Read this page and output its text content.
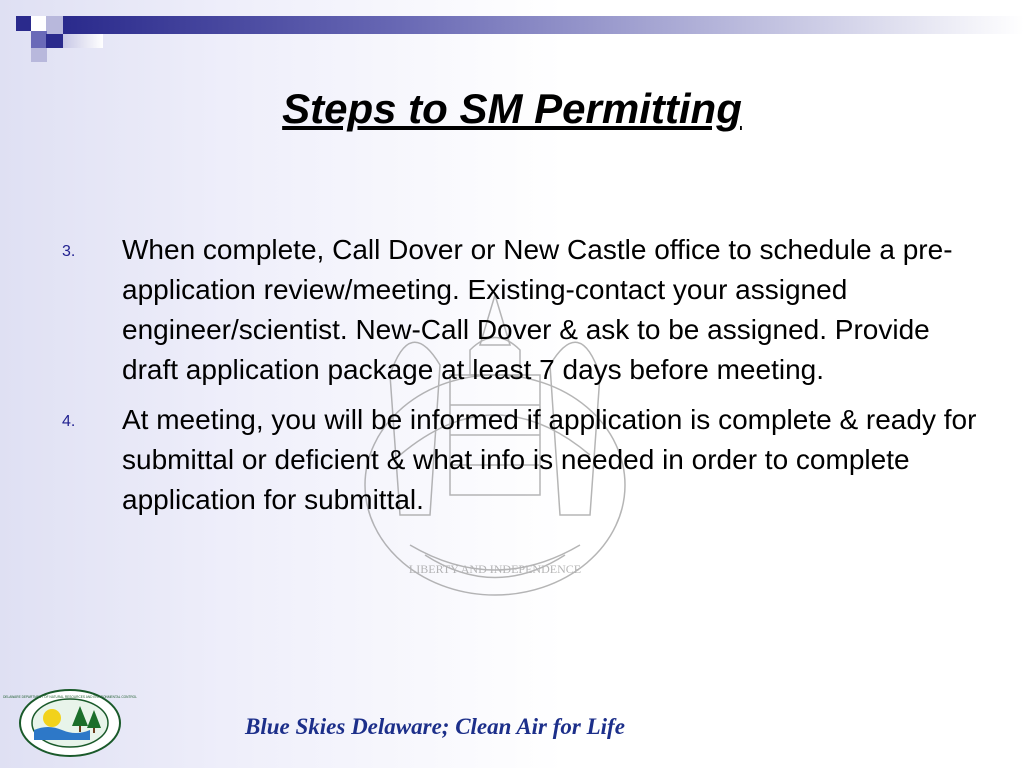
LIBERTY AND INDEPENDENCE
Steps to SM Permitting
3.	When complete, Call Dover or New Castle office to schedule a pre-application review/meeting. Existing-contact your assigned engineer/scientist. New-Call Dover & ask to be assigned. Provide draft application package at least 7 days before meeting.
4.	At meeting, you will be informed if application is complete & ready for submittal or deficient & what info is needed in order to complete application for submittal.
DELAWARE DEPARTMENT OF NATURAL RESOURCES AND ENVIRONMENTAL CONTROL
Blue Skies Delaware; Clean Air for Life
